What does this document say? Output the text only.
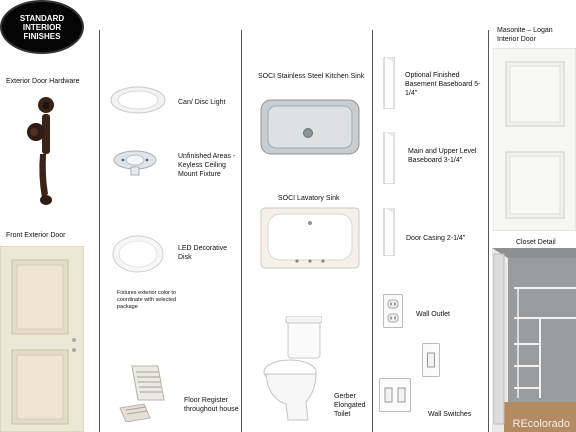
STANDARD INTERIOR FINISHES
Exterior Door Hardware
Front Exterior Door
Can/ Disc Light
Unfinished Areas - Keyless Ceiling Mount Fixture
LED Decorative Disk
Fixtures exterior color to coordinate with selected package
Floor Register throughout house
SOCI Stainless Steel Kitchen Sink
SOCI Lavatory Sink
Gerber Elongated Toilet
Optional Finished Basement Baseboard 5-1/4"
Main and Upper Level Baseboard 3-1/4"
Door Casing 2-1/4"
Wall Outlet
Wall Switches
Masonite – Logan Interior Door
Closet Detail
REcolorado
